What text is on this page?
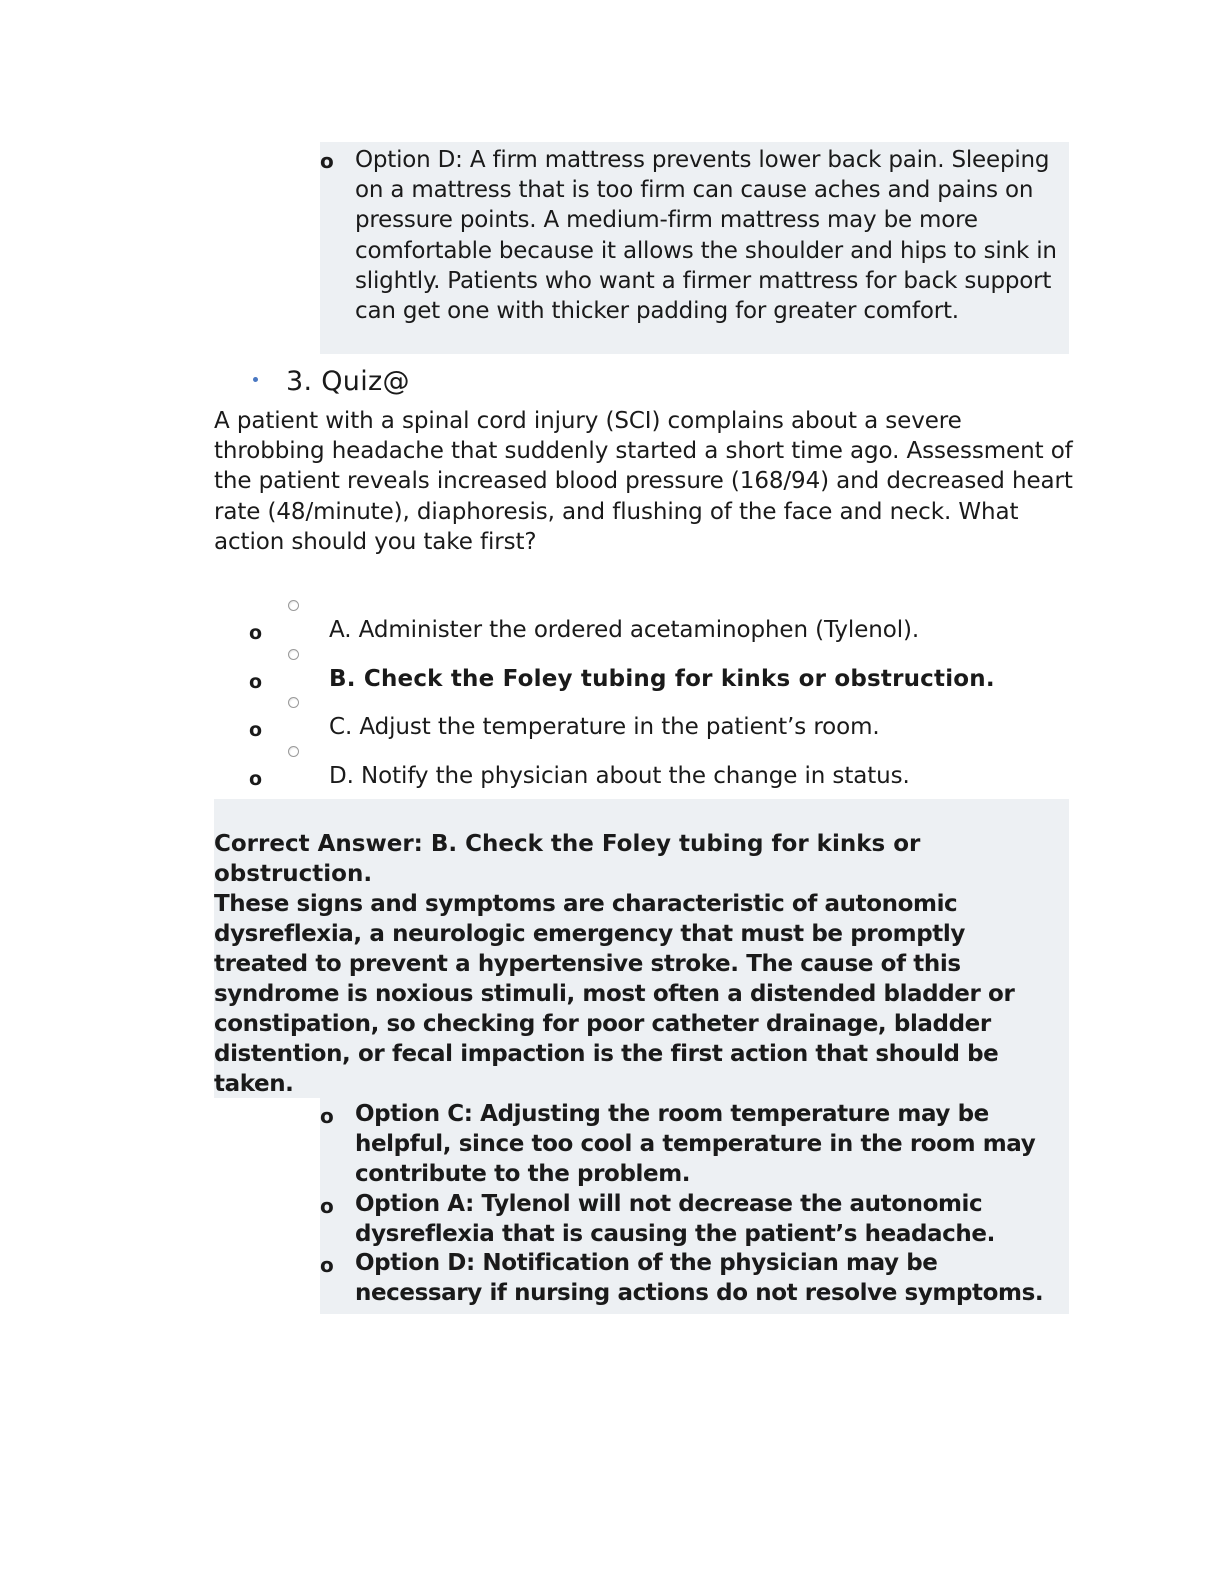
o Option D: A firm mattress prevents lower back pain. Sleeping on a mattress that is too firm can cause aches and pains on pressure points. A medium-firm mattress may be more comfortable because it allows the shoulder and hips to sink in slightly. Patients who want a firmer mattress for back support can get one with thicker padding for greater comfort.

3. Quiz@

A patient with a spinal cord injury (SCI) complains about a severe throbbing headache that suddenly started a short time ago. Assessment of the patient reveals increased blood pressure (168/94) and decreased heart rate (48/minute), diaphoresis, and flushing of the face and neck. What action should you take first?

o	A. Administer the ordered acetaminophen (Tylenol).
o	B. Check the Foley tubing for kinks or obstruction.
o	C. Adjust the temperature in the patient’s room.
o	D. Notify the physician about the change in status.

Correct Answer: B. Check the Foley tubing for kinks or obstruction.

These signs and symptoms are characteristic of autonomic dysreflexia, a neurologic emergency that must be promptly treated to prevent a hypertensive stroke. The cause of this syndrome is noxious stimuli, most often a distended bladder or constipation, so checking for poor catheter drainage, bladder distention, or fecal impaction is the first action that should be taken.

o Option C: Adjusting the room temperature may be helpful, since too cool a temperature in the room may contribute to the problem.

o Option A: Tylenol will not decrease the autonomic dysreflexia that is causing the patient’s headache.

o Option D: Notification of the physician may be necessary if nursing actions do not resolve symptoms.
